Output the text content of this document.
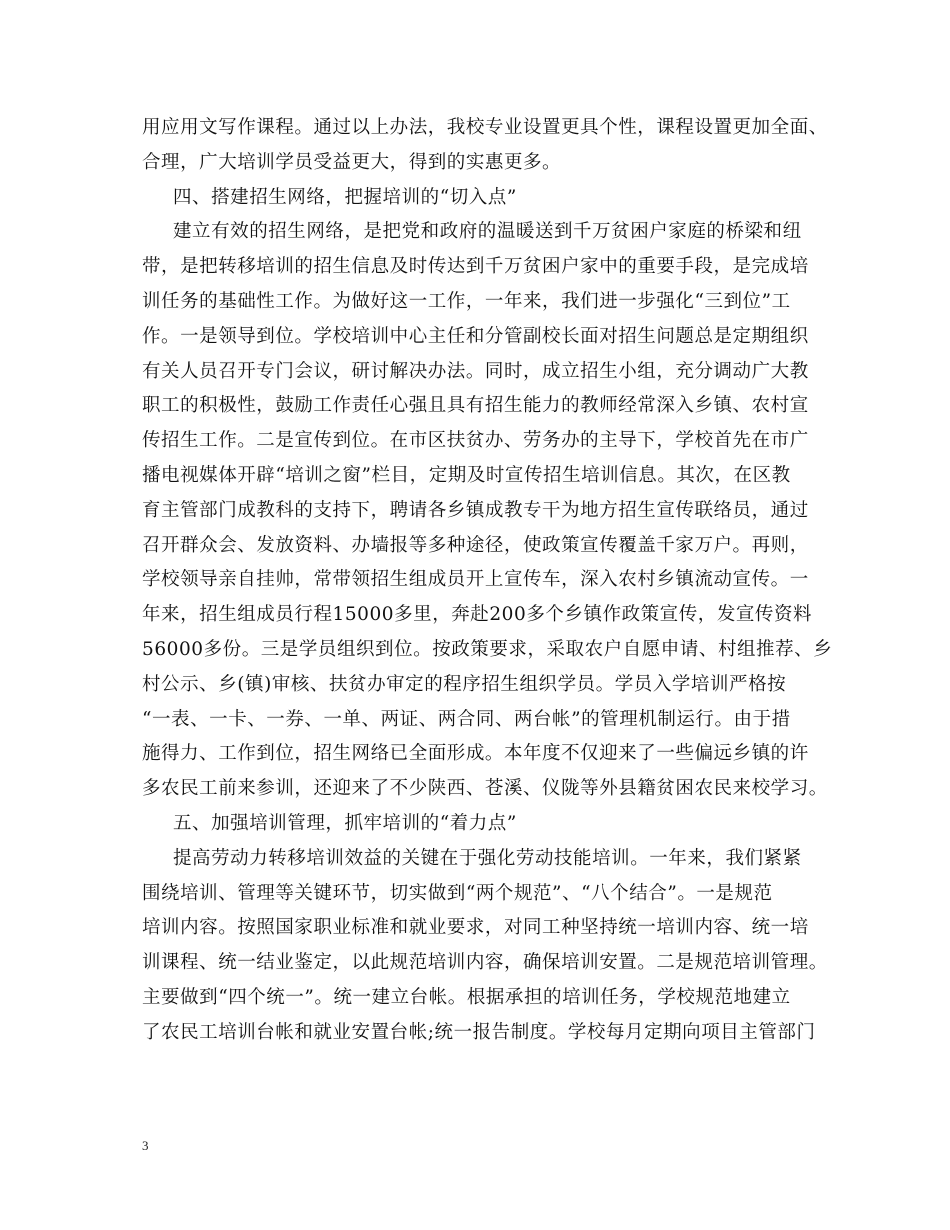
用应用文写作课程。通过以上办法，我校专业设置更具个性，课程设置更加全面、
合理，广大培训学员受益更大，得到的实惠更多。
四、搭建招生网络，把握培训的“切入点”
建立有效的招生网络，是把党和政府的温暖送到千万贫困户家庭的桥梁和纽
带，是把转移培训的招生信息及时传达到千万贫困户家中的重要手段，是完成培
训任务的基础性工作。为做好这一工作，一年来，我们进一步强化“三到位”工
作。一是领导到位。学校培训中心主任和分管副校长面对招生问题总是定期组织
有关人员召开专门会议，研讨解决办法。同时，成立招生小组，充分调动广大教
职工的积极性，鼓励工作责任心强且具有招生能力的教师经常深入乡镇、农村宣
传招生工作。二是宣传到位。在市区扶贫办、劳务办的主导下，学校首先在市广
播电视媒体开辟“培训之窗”栏目，定期及时宣传招生培训信息。其次，在区教
育主管部门成教科的支持下，聘请各乡镇成教专干为地方招生宣传联络员，通过
召开群众会、发放资料、办墙报等多种途径，使政策宣传覆盖千家万户。再则，
学校领导亲自挂帅，常带领招生组成员开上宣传车，深入农村乡镇流动宣传。一
年来，招生组成员行程15000多里，奔赴200多个乡镇作政策宣传，发宣传资料
56000多份。三是学员组织到位。按政策要求，采取农户自愿申请、村组推荐、乡
村公示、乡(镇)审核、扶贫办审定的程序招生组织学员。学员入学培训严格按
“一表、一卡、一券、一单、两证、两合同、两台帐”的管理机制运行。由于措
施得力、工作到位，招生网络已全面形成。本年度不仅迎来了一些偏远乡镇的许
多农民工前来参训，还迎来了不少陕西、苍溪、仪陇等外县籍贫困农民来校学习。
五、加强培训管理，抓牢培训的“着力点”
提高劳动力转移培训效益的关键在于强化劳动技能培训。一年来，我们紧紧
围绕培训、管理等关键环节，切实做到“两个规范”、“八个结合”。一是规范
培训内容。按照国家职业标准和就业要求，对同工种坚持统一培训内容、统一培
训课程、统一结业鉴定，以此规范培训内容，确保培训安置。二是规范培训管理。
主要做到“四个统一”。统一建立台帐。根据承担的培训任务，学校规范地建立
了农民工培训台帐和就业安置台帐;统一报告制度。学校每月定期向项目主管部门
3
